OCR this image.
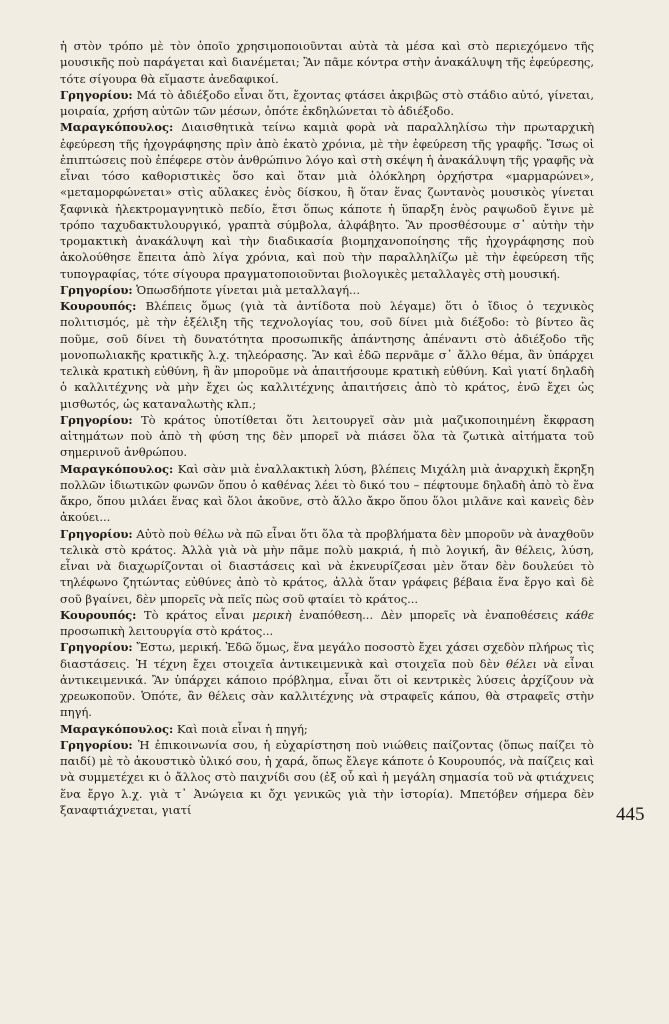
ἡ στὸν τρόπο μὲ τὸν ὁποῖο χρησιμοποιοῦνται αὐτὰ τὰ μέσα καὶ στὸ περιεχόμενο τῆς μουσικῆς ποὺ παράγεται καὶ διανέμεται; Ἂν πᾶμε κόντρα στὴν ἀνακάλυψη τῆς ἐφεύρεσης, τότε σίγουρα θὰ εἴμαστε ἀνεδαφικοί.

Γρηγορίου: Μά τὸ ἀδιέξοδο εἶναι ὅτι, ἔχοντας φτάσει ἀκριβῶς στὸ στάδιο αὐτό, γίνεται, μοιραία, χρήση αὐτῶν τῶν μέσων, ὁπότε ἐκδηλώνεται τὸ ἀδιέξοδο.

Μαραγκόπουλος: Διαισθητικὰ τείνω καμιὰ φορὰ νὰ παραλληλίσω τὴν πρωταρχικὴ ἐφεύρεση τῆς ἠχογράφησης πρὶν ἀπὸ ἑκατὸ χρόνια, μὲ τὴν ἐφεύρεση τῆς γραφῆς. Ἴσως οἱ ἐπιπτώσεις ποὺ ἐπέφερε στὸν ἀνθρώπινο λόγο καὶ στὴ σκέψη ἡ ἀνακάλυψη τῆς γραφῆς νὰ εἶναι τόσο καθοριστικὲς ὅσο καὶ ὅταν μιὰ ὁλόκληρη ὀρχήστρα «μαρμαρώνει», «μεταμορφώνεται» στὶς αὔλακες ἑνὸς δίσκου, ἢ ὅταν ἕνας ζωντανὸς μουσικὸς γίνεται ξαφνικὰ ἠλεκτρομαγνητικὸ πεδίο, ἔτσι ὅπως κάποτε ἡ ὕπαρξη ἑνὸς ραψωδοῦ ἔγινε μὲ τρόπο ταχυδακτυλουργικό, γραπτὰ σύμβολα, ἀλφάβητο. Ἂν προσθέσουμε σ᾽ αὐτὴν τὴν τρομακτικὴ ἀνακάλυψη καὶ τὴν διαδικασία βιομηχανοποίησης τῆς ἠχογράφησης ποὺ ἀκολούθησε ἔπειτα ἀπὸ λίγα χρόνια, καὶ ποὺ τὴν παραλληλίζω μὲ τὴν ἐφεύρεση τῆς τυπογραφίας, τότε σίγουρα πραγματοποιοῦνται βιολογικὲς μεταλλαγὲς στὴ μουσική.

Γρηγορίου: Ὁπωσδήποτε γίνεται μιὰ μεταλλαγή...

Κουρουπός: Βλέπεις ὅμως (γιὰ τὰ ἀντίδοτα ποὺ λέγαμε) ὅτι ὁ ἴδιος ὁ τεχνικὸς πολιτισμός, μὲ τὴν ἐξέλιξη τῆς τεχνολογίας του, σοῦ δίνει μιὰ διέξοδο: τὸ βίντεο ἂς ποῦμε, σοῦ δίνει τὴ δυνατότητα προσωπικῆς ἀπάντησης ἀπέναντι στὸ ἀδιέξοδο τῆς μονοπωλιακῆς κρατικῆς λ.χ. τηλεόρασης. Ἂν καὶ ἐδῶ περνᾶμε σ᾽ ἄλλο θέμα, ἂν ὑπάρχει τελικὰ κρατικὴ εὐθύνη, ἢ ἂν μποροῦμε νὰ ἀπαιτήσουμε κρατικὴ εὐθύνη. Καὶ γιατί δηλαδὴ ὁ καλλιτέχνης νὰ μὴν ἔχει ὡς καλλιτέχνης ἀπαιτήσεις ἀπὸ τὸ κράτος, ἐνῶ ἔχει ὡς μισθωτός, ὡς καταναλωτὴς κλπ.;

Γρηγορίου: Τὸ κράτος ὑποτίθεται ὅτι λειτουργεῖ σὰν μιὰ μαζικοποιημένη ἔκφραση αἰτημάτων ποὺ ἀπὸ τὴ φύση της δὲν μπορεῖ νὰ πιάσει ὅλα τὰ ζωτικὰ αἰτήματα τοῦ σημερινοῦ ἀνθρώπου.

Μαραγκόπουλος: Καὶ σὰν μιὰ ἐναλλακτικὴ λύση, βλέπεις Μιχάλη μιὰ ἀναρχικὴ ἔκρηξη πολλῶν ἰδιωτικῶν φωνῶν ὅπου ὁ καθένας λέει τὸ δικό του – πέφτουμε δηλαδὴ ἀπὸ τὸ ἕνα ἄκρο, ὅπου μιλάει ἕνας καὶ ὅλοι ἀκοῦνε, στὸ ἄλλο ἄκρο ὅπου ὅλοι μιλᾶνε καὶ κανεὶς δὲν ἀκούει...

Γρηγορίου: Αὐτὸ ποὺ θέλω νὰ πῶ εἶναι ὅτι ὅλα τὰ προβλήματα δὲν μποροῦν νὰ ἀναχθοῦν τελικὰ στὸ κράτος. Ἀλλὰ γιὰ νὰ μὴν πᾶμε πολὺ μακριά, ἡ πιὸ λογική, ἂν θέλεις, λύση, εἶναι νὰ διαχωρίζονται οἱ διαστάσεις καὶ νὰ ἐκνευρίζεσαι μὲν ὅταν δὲν δουλεύει τὸ τηλέφωνο ζητώντας εὐθύνες ἀπὸ τὸ κράτος, ἀλλὰ ὅταν γράφεις βέβαια ἕνα ἔργο καὶ δὲ σοῦ βγαίνει, δὲν μπορεῖς νὰ πεῖς πὼς σοῦ φταίει τὸ κράτος...

Κουρουπός: Τὸ κράτος εἶναι μερικὴ ἐναπόθεση... Δὲν μπορεῖς νὰ ἐναποθέσεις κάθε προσωπικὴ λειτουργία στὸ κράτος...

Γρηγορίου: Ἔστω, μερική. Ἐδῶ ὅμως, ἕνα μεγάλο ποσοστὸ ἔχει χάσει σχεδὸν πλήρως τὶς διαστάσεις. Ἡ τέχνη ἔχει στοιχεῖα ἀντικειμενικὰ καὶ στοιχεῖα ποὺ δὲν θέλει νὰ εἶναι ἀντικειμενικά. Ἂν ὑπάρχει κάποιο πρόβλημα, εἶναι ὅτι οἱ κεντρικὲς λύσεις ἀρχίζουν νὰ χρεωκοποῦν. Ὁπότε, ἂν θέλεις σὰν καλλιτέχνης νὰ στραφεῖς κάπου, θὰ στραφεῖς στὴν πηγή.

Μαραγκόπουλος: Καὶ ποιὰ εἶναι ἡ πηγή;

Γρηγορίου: Ἡ ἐπικοινωνία σου, ἡ εὐχαρίστηση ποὺ νιώθεις παίζοντας (ὅπως παίζει τὸ παιδί) μὲ τὸ ἀκουστικὸ ὑλικό σου, ἡ χαρά, ὅπως ἔλεγε κάποτε ὁ Κουρουπός, νὰ παίζεις καὶ νὰ συμμετέχει κι ὁ ἄλλος στὸ παιχνίδι σου (ἐξ οὗ καὶ ἡ μεγάλη σημασία τοῦ νὰ φτιάχνεις ἕνα ἔργο λ.χ. γιὰ τ᾽ Ἀνώγεια κι ὄχι γενικῶς γιὰ τὴν ἱστορία). Μπετόβεν σήμερα δὲν ξαναφτιάχνεται, γιατί	445
